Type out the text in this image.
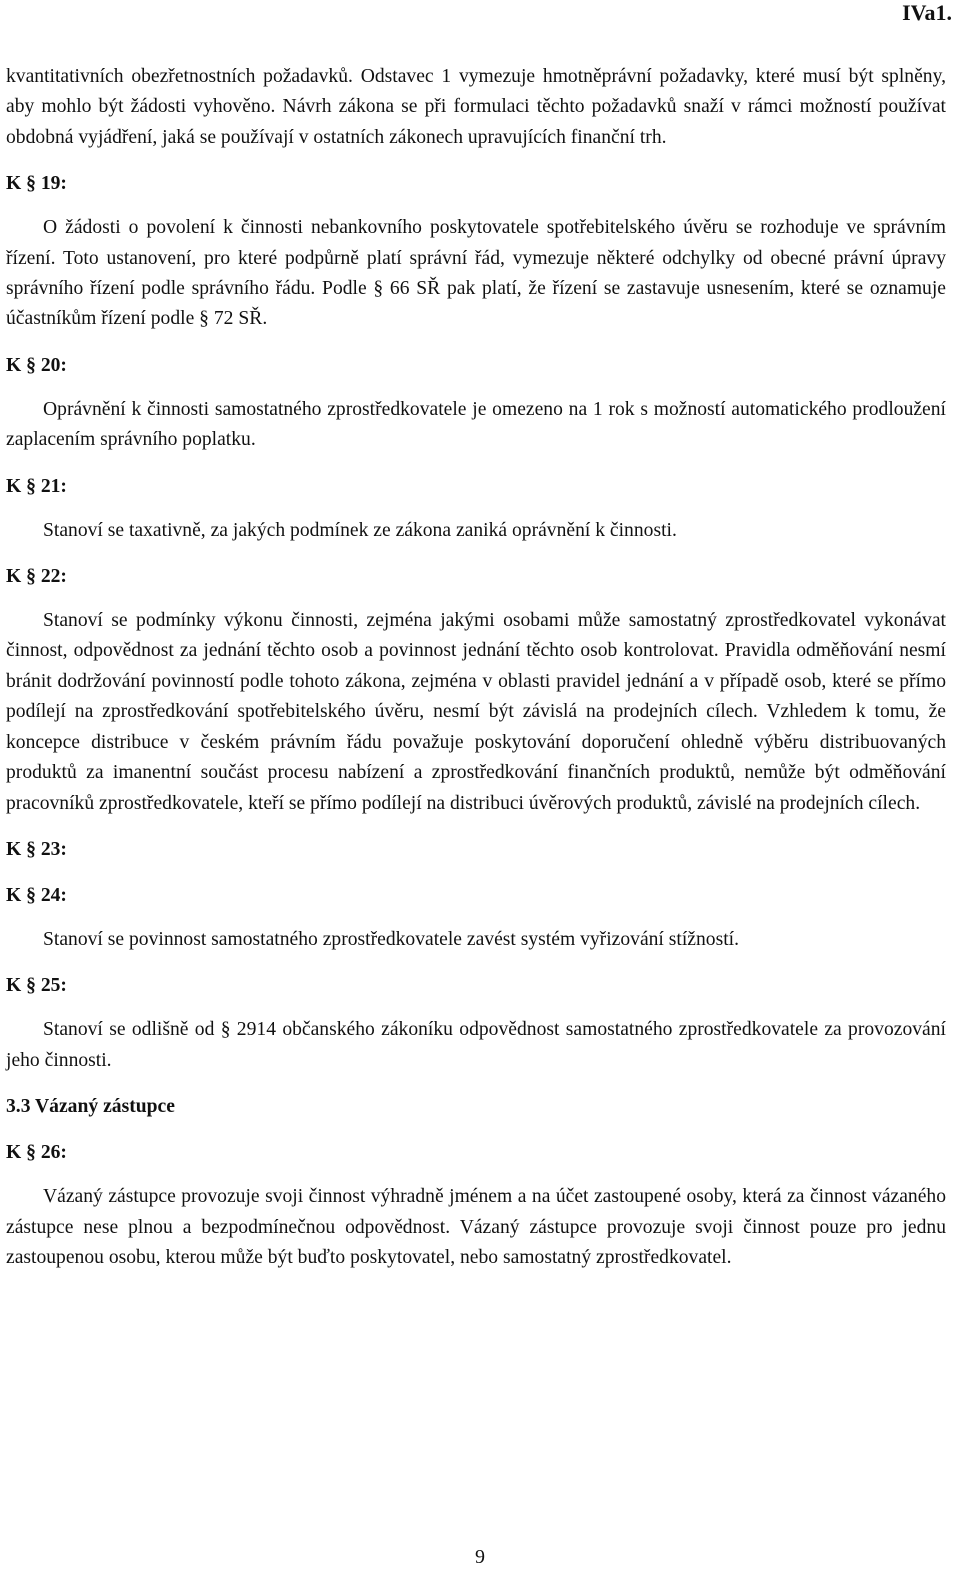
IVa1.

kvantitativních obezřetnostních požadavků. Odstavec 1 vymezuje hmotněprávní požadavky, které musí být splněny, aby mohlo být žádosti vyhověno. Návrh zákona se při formulaci těchto požadavků snaží v rámci možností používat obdobná vyjádření, jaká se používají v ostatních zákonech upravujících finanční trh.

K § 19:

O žádosti o povolení k činnosti nebankovního poskytovatele spotřebitelského úvěru se rozhoduje ve správním řízení. Toto ustanovení, pro které podpůrně platí správní řád, vymezuje některé odchylky od obecné právní úpravy správního řízení podle správního řádu. Podle § 66 SŘ pak platí, že řízení se zastavuje usnesením, které se oznamuje účastníkům řízení podle § 72 SŘ.

K § 20:

Oprávnění k činnosti samostatného zprostředkovatele je omezeno na 1 rok s možností automatického prodloužení zaplacením správního poplatku.

K § 21:

Stanoví se taxativně, za jakých podmínek ze zákona zaniká oprávnění k činnosti.

K § 22:

Stanoví se podmínky výkonu činnosti, zejména jakými osobami může samostatný zprostředkovatel vykonávat činnost, odpovědnost za jednání těchto osob a povinnost jednání těchto osob kontrolovat. Pravidla odměňování nesmí bránit dodržování povinností podle tohoto zákona, zejména v oblasti pravidel jednání a v případě osob, které se přímo podílejí na zprostředkování spotřebitelského úvěru, nesmí být závislá na prodejních cílech. Vzhledem k tomu, že koncepce distribuce v českém právním řádu považuje poskytování doporučení ohledně výběru distribuovaných produktů za imanentní součást procesu nabízení a zprostředkování finančních produktů, nemůže být odměňování pracovníků zprostředkovatele, kteří se přímo podílejí na distribuci úvěrových produktů, závislé na prodejních cílech.

K § 23:
K § 24:

Stanoví se povinnost samostatného zprostředkovatele zavést systém vyřizování stížností.

K § 25:

Stanoví se odlišně od § 2914 občanského zákoníku odpovědnost samostatného zprostředkovatele za provozování jeho činnosti.

3.3 Vázaný zástupce
K § 26:

Vázaný zástupce provozuje svoji činnost výhradně jménem a na účet zastoupené osoby, která za činnost vázaného zástupce nese plnou a bezpodmínečnou odpovědnost. Vázaný zástupce provozuje svoji činnost pouze pro jednu zastoupenou osobu, kterou může být buďto poskytovatel, nebo samostatný zprostředkovatel.

9
